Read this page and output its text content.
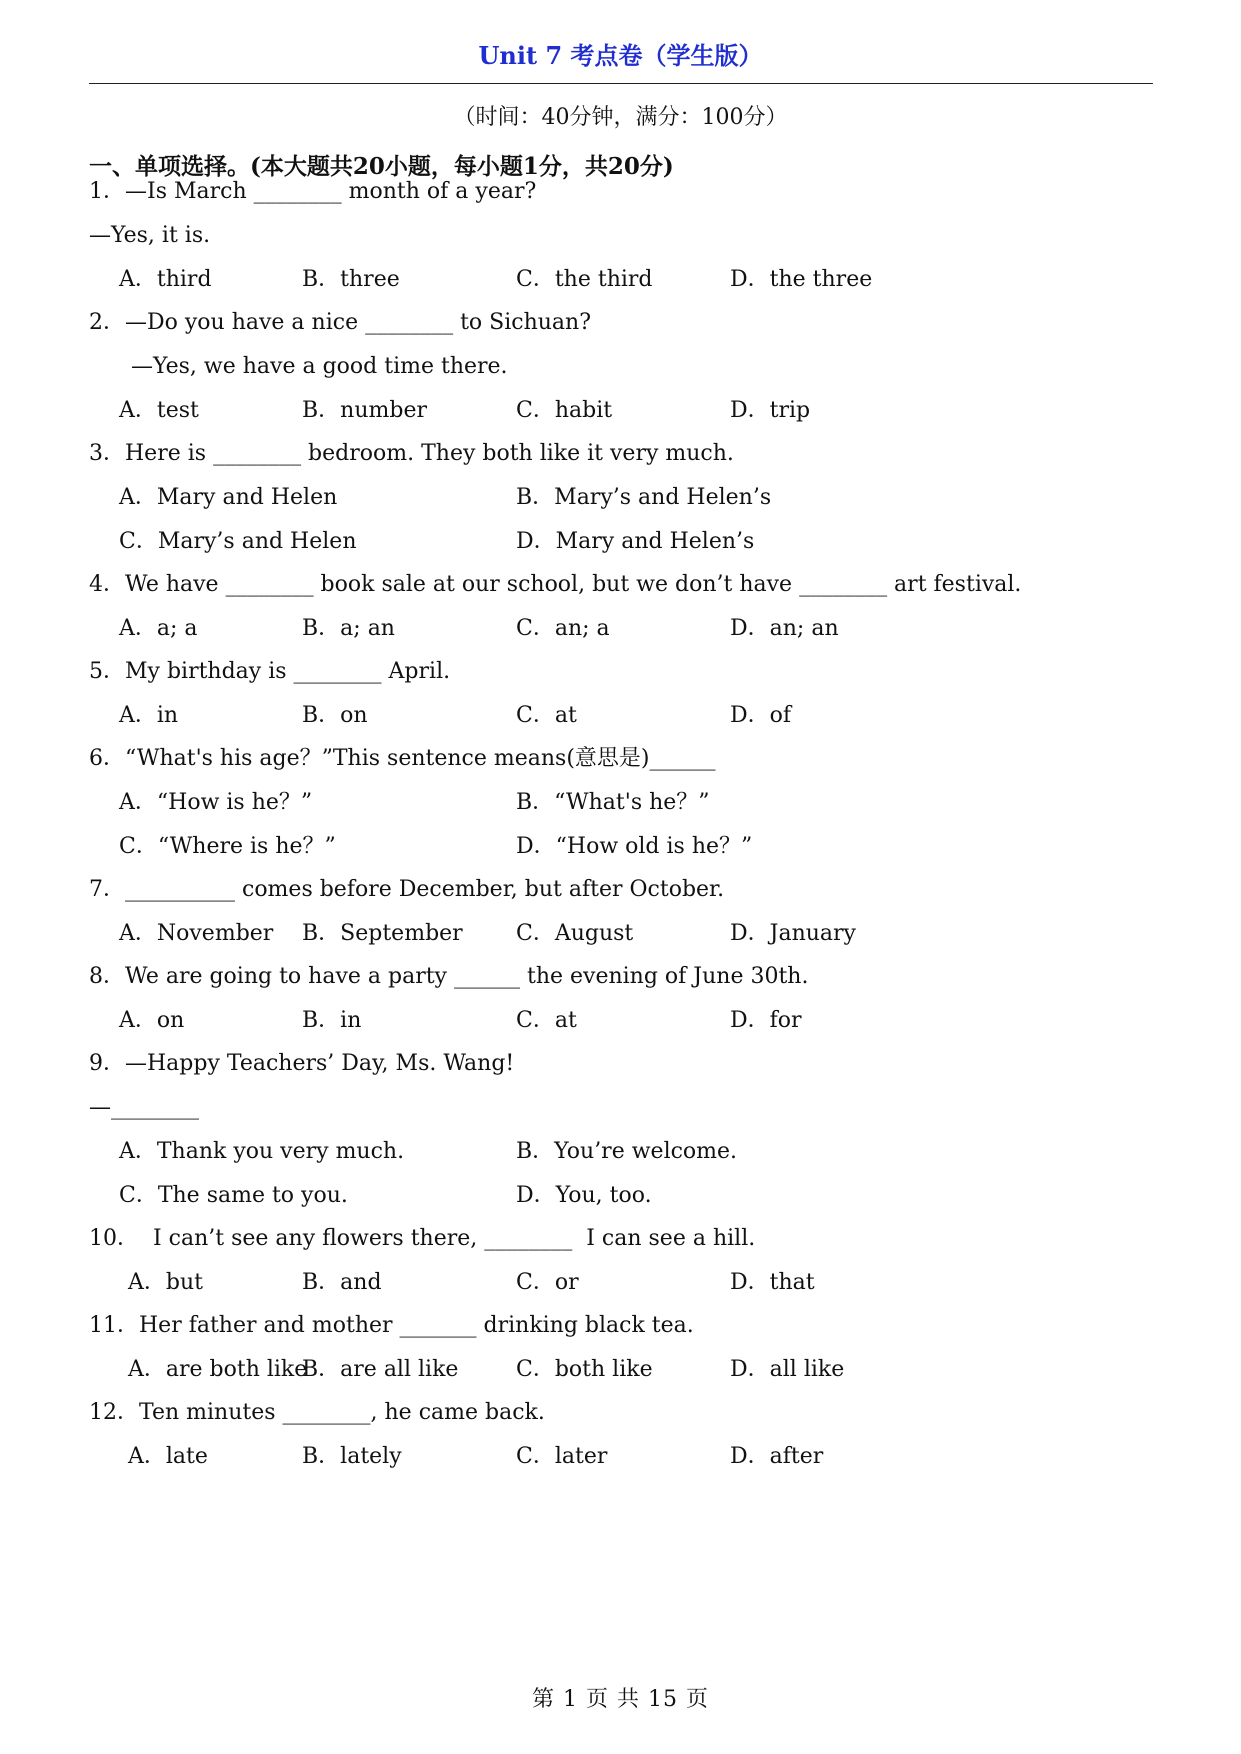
Unit 7 考点卷（学生版）
（时间：40分钟，满分：100分）
一、单项选择。(本大题共20小题，每小题1分，共20分)
1．—Is March ________ month of a year?
—Yes, it is.
A．third	B．three	C．the third	D．the three
2．—Do you have a nice ________ to Sichuan?
—Yes, we have a good time there.
A．test	B．number	C．habit	D．trip
3．Here is ________ bedroom. They both like it very much.
A．Mary and Helen	B．Mary’s and Helen’s
C．Mary’s and Helen	D．Mary and Helen’s
4．We have ________ book sale at our school, but we don’t have ________ art festival.
A．a; a	B．a; an	C．an; a	D．an; an
5．My birthday is ________ April.
A．in	B．on	C．at	D．of
6．“What's his age？”This sentence means(意思是)______
A．“How is he？”	B．“What's he？”
C．“Where is he？”	D．“How old is he？”
7．__________ comes before December, but after October.
A．November B．September C．August	D．January
8．We are going to have a party ______ the evening of June 30th.
A．on	B．in	C．at	D．for
9．—Happy Teachers’ Day, Ms. Wang!
—________
A．Thank you very much.	B．You’re welcome.
C．The same to you.	D．You, too.
10．  I can’t see any flowers there, ________  I can see a hill.
A．but	B．and	C．or	D．that
11．Her father and mother _______ drinking black tea.
A．are both like
B．are all like	C．both like	D．all like
12．Ten minutes ________, he came back.
A．late	B．lately	C．later	D．after
第 1 页 共 15 页
